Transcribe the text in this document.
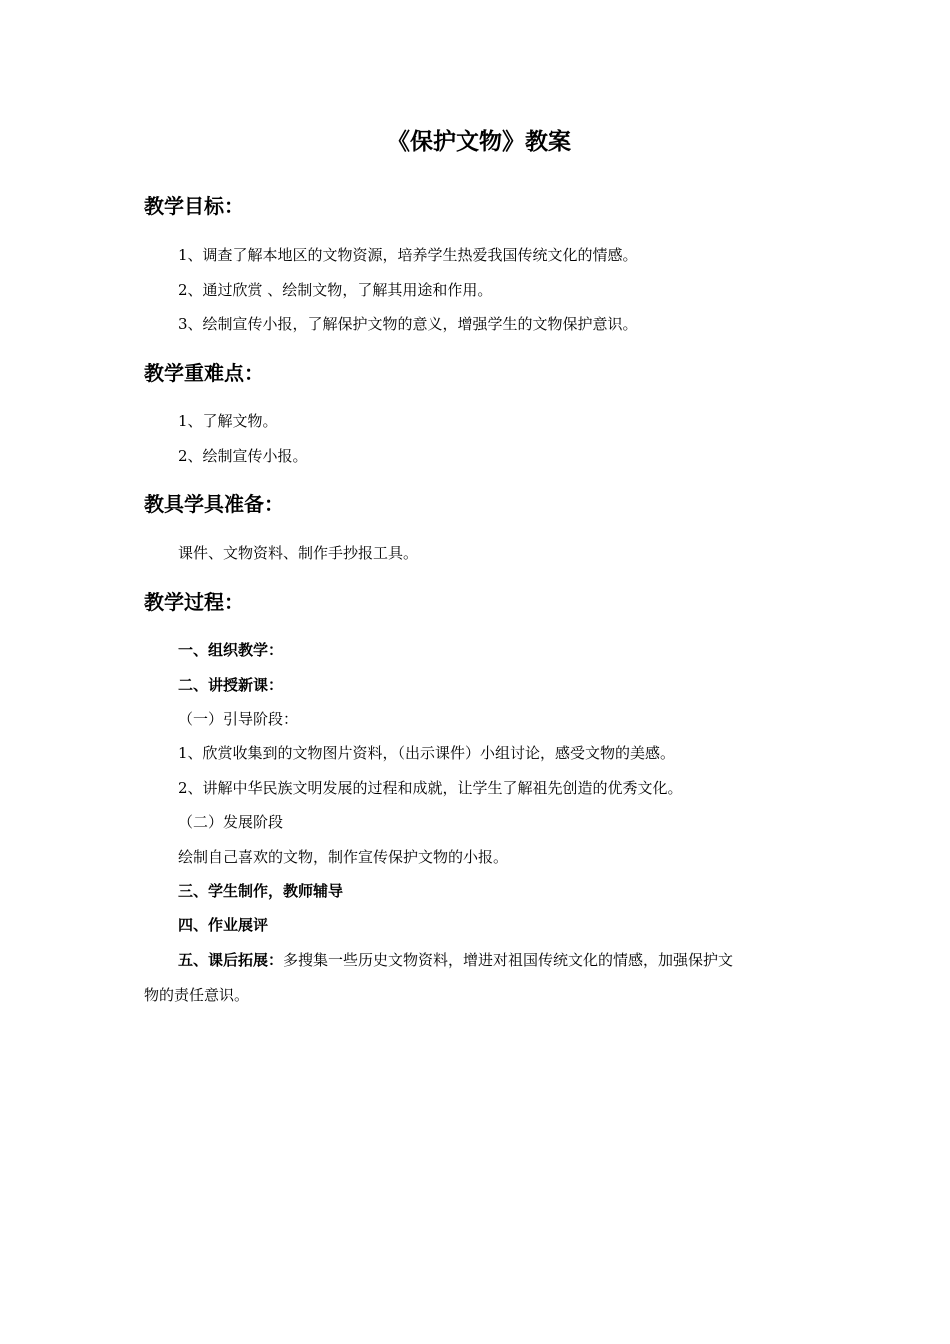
《保护文物》教案
教学目标：
1、调查了解本地区的文物资源，培养学生热爱我国传统文化的情感。
2、通过欣赏 、绘制文物，了解其用途和作用。
3、绘制宣传小报，了解保护文物的意义，增强学生的文物保护意识。
教学重难点：
1、了解文物。
2、绘制宣传小报。
教具学具准备：
课件、文物资料、制作手抄报工具。
教学过程：
一、组织教学：
二、讲授新课：
（一）引导阶段：
1、欣赏收集到的文物图片资料，（出示课件）小组讨论，感受文物的美感。
2、讲解中华民族文明发展的过程和成就，让学生了解祖先创造的优秀文化。
（二）发展阶段
绘制自己喜欢的文物，制作宣传保护文物的小报。
三、学生制作，教师辅导
四、作业展评
五、课后拓展：多搜集一些历史文物资料，增进对祖国传统文化的情感，加强保护文
物的责任意识。
